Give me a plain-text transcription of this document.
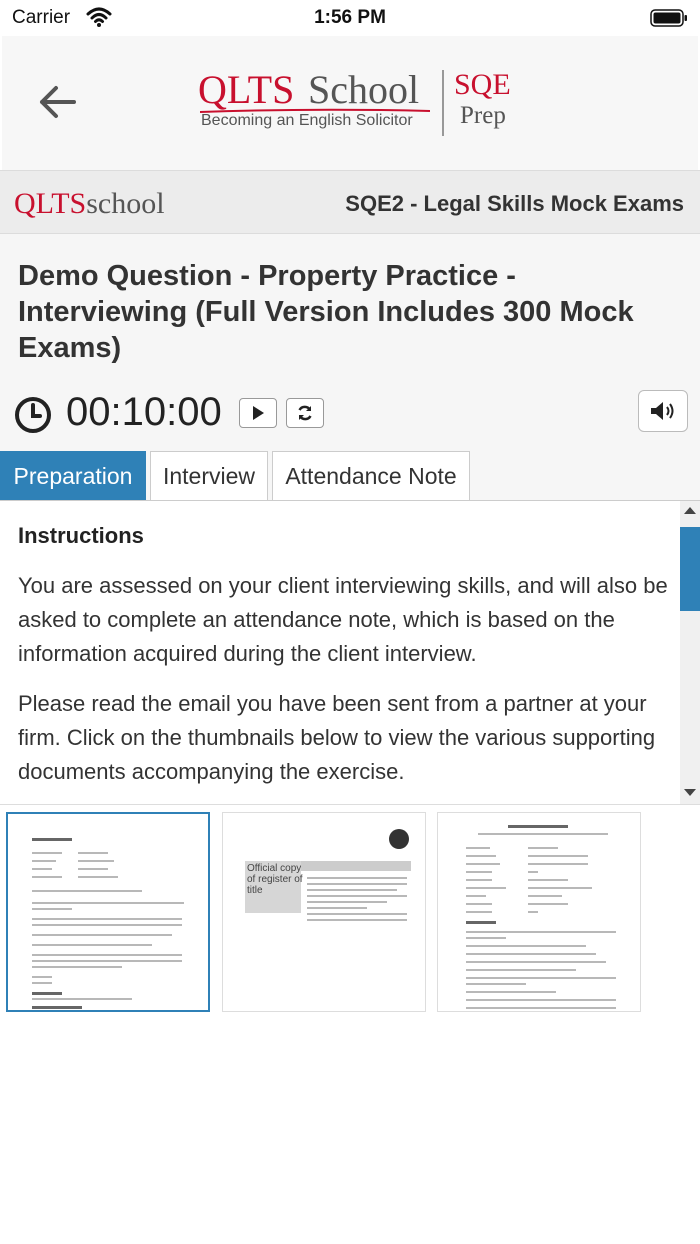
Carrier	1:56 PM
QLTS School
Becoming an English Solicitor
SQE
Prep
QLTSschool	SQE2 - Legal Skills Mock Exams
Demo Question - Property Practice - Interviewing (Full Version Includes 300 Mock Exams)
00:10:00
Preparation	Interview	Attendance Note
Instructions
You are assessed on your client interviewing skills, and will also be asked to complete an attendance note, which is based on the information acquired during the client interview.
Please read the email you have been sent from a partner at your firm. Click on the thumbnails below to view the various supporting documents accompanying the exercise.
Official copy of register of title
